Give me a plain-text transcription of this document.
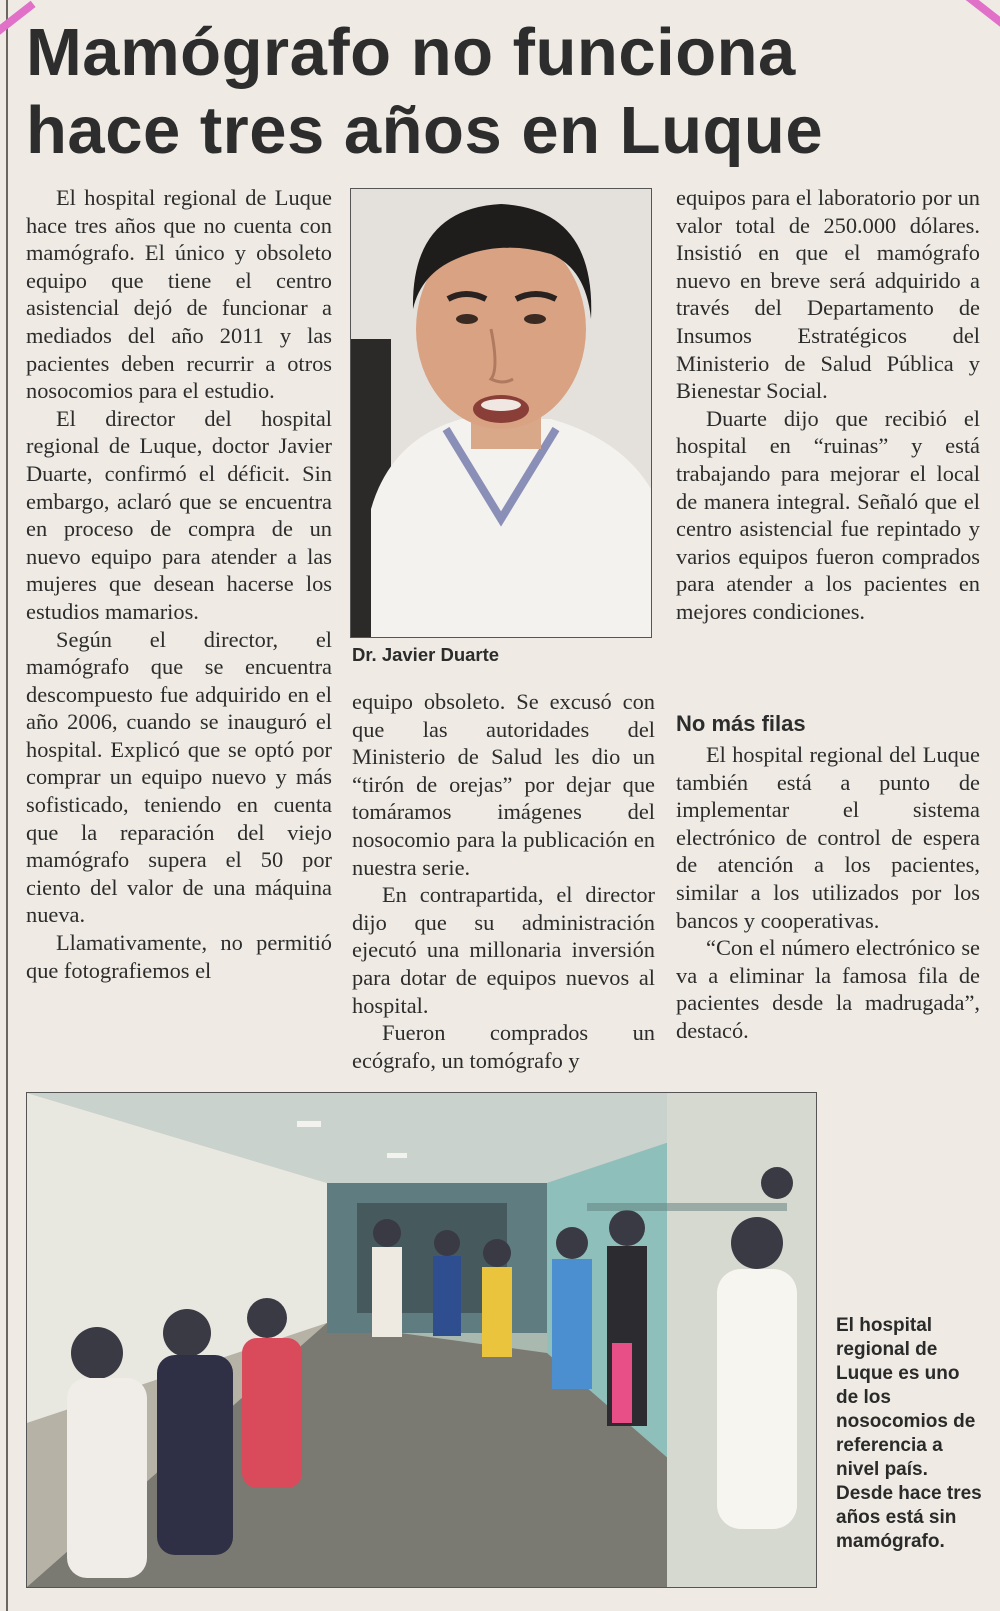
Mamógrafo no funciona
hace tres años en Luque

El hospital regional de Luque hace tres años que no cuenta con mamógrafo. El único y obsoleto equipo que tiene el centro asistencial dejó de funcionar a mediados del año 2011 y las pacientes deben recurrir a otros nosocomios para el estudio.

El director del hospital regional de Luque, doctor Javier Duarte, confirmó el déficit. Sin embargo, aclaró que se encuentra en proceso de compra de un nuevo equipo para atender a las mujeres que desean hacerse los estudios mamarios.

Según el director, el mamógrafo que se encuentra descompuesto fue adquirido en el año 2006, cuando se inauguró el hospital. Explicó que se optó por comprar un equipo nuevo y más sofisticado, teniendo en cuenta que la reparación del viejo mamógrafo supera el 50 por ciento del valor de una máquina nueva.

Llamativamente, no permitió que fotografiemos el

Dr. Javier Duarte

equipo obsoleto. Se excusó con que las autoridades del Ministerio de Salud les dio un “tirón de orejas” por dejar que tomáramos imágenes del nosocomio para la publicación en nuestra serie.

En contrapartida, el director dijo que su administración ejecutó una millonaria inversión para dotar de equipos nuevos al hospital.

Fueron comprados un ecógrafo, un tomógrafo y

equipos para el laboratorio por un valor total de 250.000 dólares. Insistió en que el mamógrafo nuevo en breve será adquirido a través del Departamento de Insumos Estratégicos del Ministerio de Salud Pública y Bienestar Social.

Duarte dijo que recibió el hospital en “ruinas” y está trabajando para mejorar el local de manera integral. Señaló que el centro asistencial fue repintado y varios equipos fueron comprados para atender a los pacientes en mejores condiciones.

No más filas

El hospital regional del Luque también está a punto de implementar el sistema electrónico de control de espera de atención a los pacientes, similar a los utilizados por los bancos y cooperativas.

“Con el número electrónico se va a eliminar la famosa fila de pacientes desde la madrugada”, destacó.

El hospital regional de Luque es uno de los nosocomios de referencia a nivel país. Desde hace tres años está sin mamógrafo.
